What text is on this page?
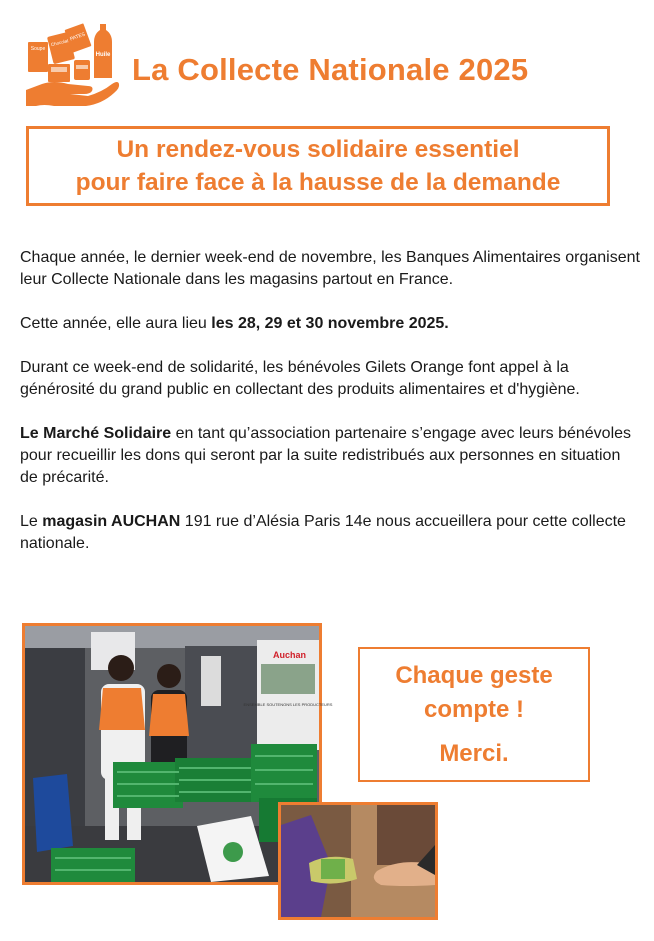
Soupe
Chocolat
PATES
Huile La Collecte Nationale 2025
Un rendez-vous solidaire essentiel
pour faire face à la hausse de la demande

Chaque année, le dernier week-end de novembre, les Banques Alimentaires organisent leur Collecte Nationale dans les magasins partout en France.

Cette année, elle aura lieu les 28, 29 et 30 novembre 2025.

Durant ce week-end de solidarité, les bénévoles Gilets Orange font appel à la générosité du grand public en collectant des produits alimentaires et d'hygiène.

Le Marché Solidaire en tant qu’association partenaire s’engage avec leurs bénévoles pour recueillir les dons qui seront par la suite redistribués aux personnes en situation de précarité.

Le magasin AUCHAN 191 rue d’Alésia Paris 14e nous accueillera pour cette collecte nationale.

Auchan
ENSEMBLE SOUTENONS LES PRODUCTEURS
Chaque geste
compte !
Merci.
